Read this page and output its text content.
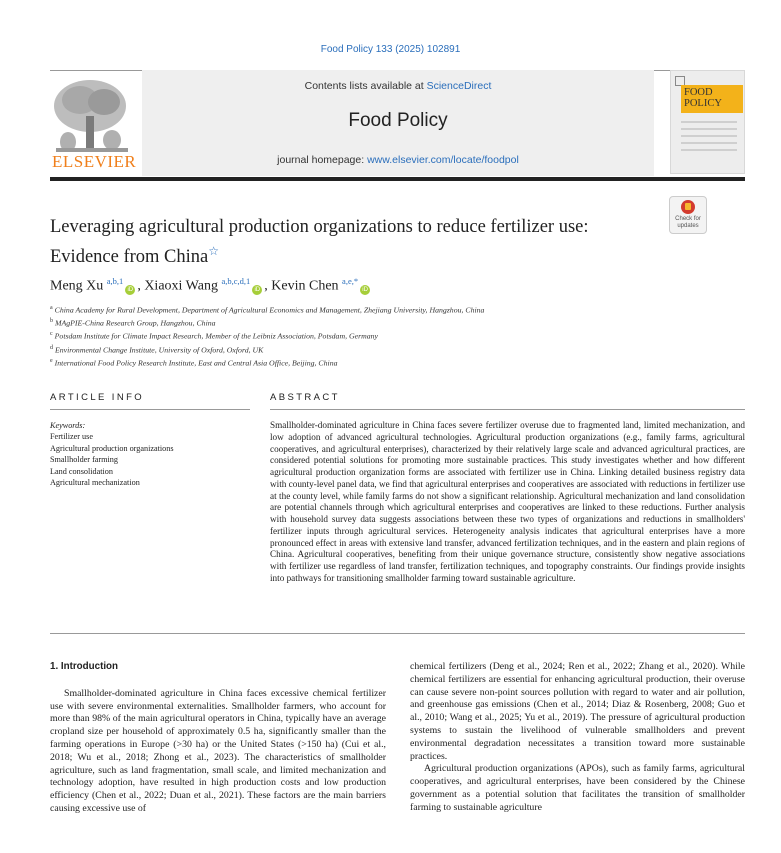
Food Policy 133 (2025) 102891
ELSEVIER
Contents lists available at ScienceDirect
Food Policy
journal homepage: www.elsevier.com/locate/foodpol
FOOD POLICY
Check for updates
Leveraging agricultural production organizations to reduce fertilizer use: Evidence from China☆
Meng Xu $^{a,b,1}$iD , Xiaoxi Wang $^{a,b,c,d,1}$iD , Kevin Chen $^{a,e,*}$iD

$^a$ China Academy for Rural Development, Department of Agricultural Economics and Management, Zhejiang University, Hangzhou, China

$^b$ MAgPIE-China Research Group, Hangzhou, China

$^c$ Potsdam Institute for Climate Impact Research, Member of the Leibniz Association, Potsdam, Germany

$^d$ Environmental Change Institute, University of Oxford, Oxford, UK

$^e$ International Food Policy Research Institute, East and Central Asia Office, Beijing, China

ARTICLE INFO
Keywords:
Fertilizer use
Agricultural production organizations
Smallholder farming
Land consolidation
Agricultural mechanization
ABSTRACT
Smallholder-dominated agriculture in China faces severe fertilizer overuse due to fragmented land, limited mechanization, and low adoption of advanced agricultural technologies. Agricultural production organizations (e.g., family farms, agricultural cooperatives, and agricultural enterprises), characterized by their relatively large scale and advanced agricultural practices, are considered potential solutions for promoting more sustainable practices. This study investigates whether and how different agricultural production organization forms are associated with fertilizer use in China. Linking detailed business registry data with county-level panel data, we find that agricultural enterprises and cooperatives are associated with reductions in fertilizer use at the county level, while family farms do not show a significant relationship. Agricultural mechanization and land consolidation are potential channels through which agricultural enterprises and cooperatives are linked to these reductions. Further analysis with household survey data suggests associations between these two types of organizations and reductions in smallholders' fertilizer inputs through agricultural services. Heterogeneity analysis indicates that agricultural enterprises have a more pronounced effect in areas with extensive land transfer, advanced fertilization techniques, and in the eastern and plain regions of China. Agricultural cooperatives, benefiting from their unique governance structure, consistently show negative associations with fertilizer use regardless of land transfer, fertilization techniques, and topography constraints. Our findings provide insights into pathways for transitioning smallholder farming toward sustainable agriculture.

1. Introduction

Smallholder-dominated agriculture in China faces excessive chemical fertilizer use with severe environmental externalities. Smallholder farmers, who account for more than 98% of the main agricultural operators in China, typically have an average cropland size per household of approximately 0.5 ha, significantly smaller than the farming operations in Europe (>30 ha) or the United States (>150 ha) (Cui et al., 2018; Wu et al., 2018; Zhong et al., 2023). The characteristics of smallholder agriculture, such as land fragmentation, small scale, and limited mechanization and technology adoption, have resulted in high production costs and low production efficiency (Chen et al., 2022; Duan et al., 2021). These factors are the main barriers causing excessive use of

chemical fertilizers (Deng et al., 2024; Ren et al., 2022; Zhang et al., 2020). While chemical fertilizers are essential for enhancing agricultural production, their overuse can cause severe non-point sources pollution with regard to water and air pollution, and greenhouse gas emissions (Chen et al., 2014; Diaz & Rosenberg, 2008; Guo et al., 2010; Wang et al., 2025; Yu et al., 2019). The pressure of agricultural production systems to sustain the livelihood of vulnerable smallholders and prevent environmental degradation necessitates a transition toward more sustainable practices.

Agricultural production organizations (APOs), such as family farms, agricultural cooperatives, and agricultural enterprises, have been considered by the Chinese government as a potential solution that facilitates the transition of smallholder farming to sustainable agriculture
